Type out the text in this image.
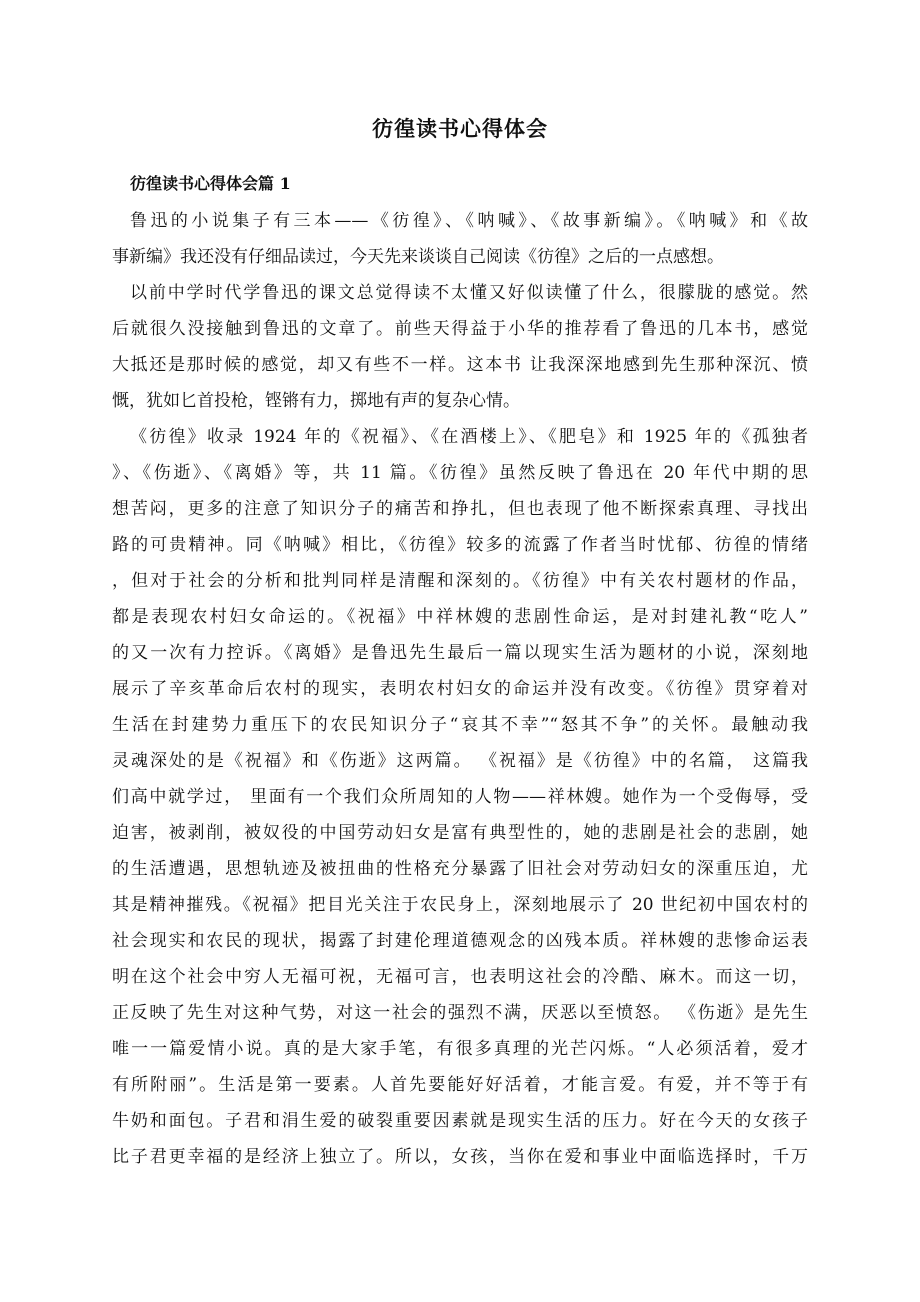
彷徨读书心得体会
彷徨读书心得体会篇 1
鲁迅的小说集子有三本——《彷徨》、《呐喊》、《故事新编》。《呐喊》和《故
事新编》我还没有仔细品读过，今天先来谈谈自己阅读《彷徨》之后的一点感想。
以前中学时代学鲁迅的课文总觉得读不太懂又好似读懂了什么，很朦胧的感觉。然
后就很久没接触到鲁迅的文章了。前些天得益于小华的推荐看了鲁迅的几本书，感觉
大抵还是那时候的感觉，却又有些不一样。这本书 让我深深地感到先生那种深沉、愤
慨，犹如匕首投枪，铿锵有力，掷地有声的复杂心情。
《彷徨》收录 1924 年的《祝福》、《在酒楼上》、《肥皂》和 1925 年的《孤独者
》、《伤逝》、《离婚》等，共 11 篇。《彷徨》虽然反映了鲁迅在 20 年代中期的思
想苦闷，更多的注意了知识分子的痛苦和挣扎，但也表现了他不断探索真理、寻找出
路的可贵精神。同《呐喊》相比，《彷徨》较多的流露了作者当时忧郁、彷徨的情绪
，但对于社会的分析和批判同样是清醒和深刻的。《彷徨》中有关农村题材的作品，
都是表现农村妇女命运的。《祝福》中祥林嫂的悲剧性命运，是对封建礼教“吃人”
的又一次有力控诉。《离婚》是鲁迅先生最后一篇以现实生活为题材的小说，深刻地
展示了辛亥革命后农村的现实，表明农村妇女的命运并没有改变。《彷徨》贯穿着对
生活在封建势力重压下的农民知识分子“哀其不幸”“怒其不争”的关怀。最触动我
灵魂深处的是《祝福》和《伤逝》这两篇。 《祝福》是《彷徨》中的名篇， 这篇我
们高中就学过， 里面有一个我们众所周知的人物——祥林嫂。她作为一个受侮辱，受
迫害，被剥削，被奴役的中国劳动妇女是富有典型性的，她的悲剧是社会的悲剧，她
的生活遭遇，思想轨迹及被扭曲的性格充分暴露了旧社会对劳动妇女的深重压迫，尤
其是精神摧残。《祝福》把目光关注于农民身上，深刻地展示了 20 世纪初中国农村的
社会现实和农民的现状，揭露了封建伦理道德观念的凶残本质。祥林嫂的悲惨命运表
明在这个社会中穷人无福可祝，无福可言，也表明这社会的冷酷、麻木。而这一切，
正反映了先生对这种气势，对这一社会的强烈不满，厌恶以至愤怒。 《伤逝》是先生
唯一一篇爱情小说。真的是大家手笔，有很多真理的光芒闪烁。“人必须活着，爱才
有所附丽”。生活是第一要素。人首先要能好好活着，才能言爱。有爱，并不等于有
牛奶和面包。子君和涓生爱的破裂重要因素就是现实生活的压力。好在今天的女孩子
比子君更幸福的是经济上独立了。所以，女孩，当你在爱和事业中面临选择时，千万
